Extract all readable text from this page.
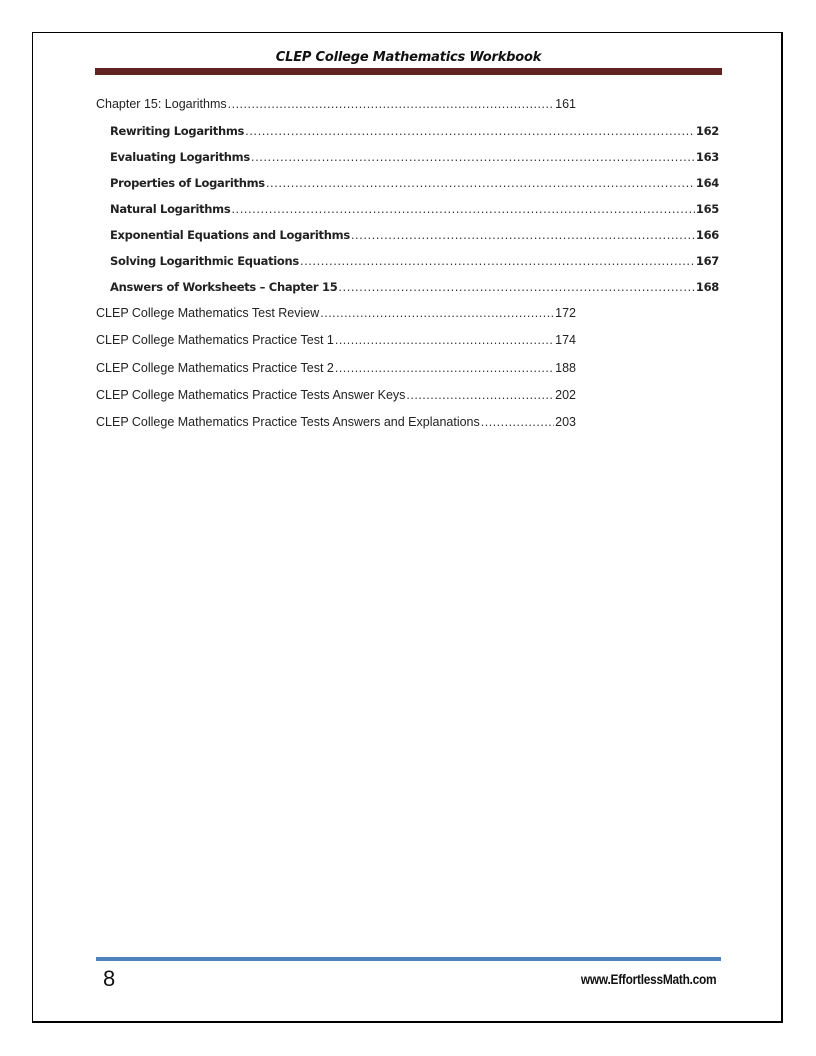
CLEP College Mathematics Workbook
Chapter 15: Logarithms .....	161
Rewriting Logarithms .....	162
Evaluating Logarithms .....	163
Properties of Logarithms .....	164
Natural Logarithms .....	165
Exponential Equations and Logarithms .....	166
Solving Logarithmic Equations .....	167
Answers of Worksheets – Chapter 15 .....	168
CLEP College Mathematics Test Review .....	172
CLEP College Mathematics Practice Test 1 .....	174
CLEP College Mathematics Practice Test 2 .....	188
CLEP College Mathematics Practice Tests Answer Keys .....	202
CLEP College Mathematics Practice Tests Answers and Explanations .....	203
8	www.EffortlessMath.com
